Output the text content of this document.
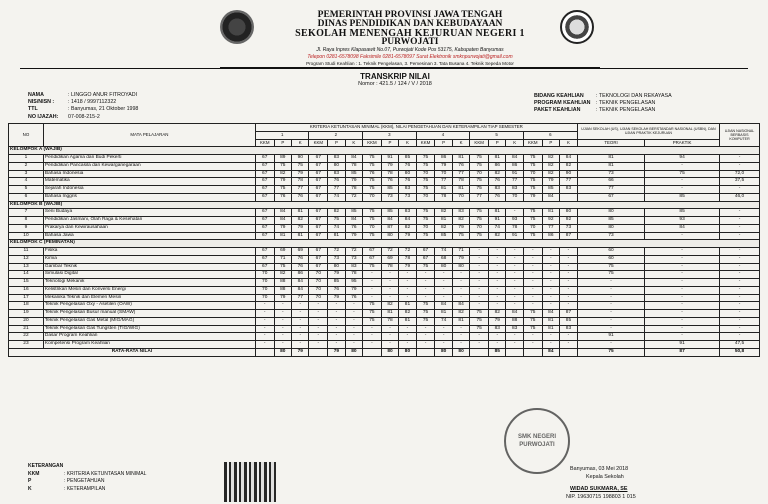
PEMERINTAH PROVINSI JAWA TENGAH
DINAS PENDIDIKAN DAN KEBUDAYAAN
SEKOLAH MENENGAH KEJURUAN NEGERI 1
PURWOJATI
Jl. Raya Inpres Klapasawit No.07, Purwojati Kode Pos 53175, Kabupaten Banyumas
Telepon 0281-6578098 Faksimile 0281-6578097 Surat Elektronik smknpurwojati@gmail.com
Program Studi Keahlian : 1. Teknik Pengelasan, 3. Pemesinan 3. Tata Busana 4. Teknik Sepeda Motor
TRANSKRIP NILAI
Nomor : 421.5 / 124 / V / 2018
NAMA	: LINGGO ANUR FITROYADI
NIS/NISN :	: 1418 / 9997112322
TTL	: Banyumas, 21 Oktober 1998
NO IJAZAH:	07-008-215-2
BIDANG KEAHLIAN	: TEKNOLOGI DAN REKAYASA
PROGRAM KEAHLIAN	: TEKNIK PENGELASAN
PAKET KEAHLIAN	: TEKNIK PENGELASAN
NO	MATA PELAJARAN	KRITERIA KETUNTASAN MINIMAL (KKM), NILAI PENGETAHUAN DAN KETERAMPILAN TIAP SEMESTER																		UJIAN SEKOLAH (US), UJIAN SEKOLAH BERSTANDAR NASIONAL (USBN), DAN UJIAN PRAKTIK KEJURUAN		UJIAN NASIONAL BERBASIS KOMPUTER
		1			2			3			4			5			6					
		KKM	P	K	KKM	P	K	KKM	P	K	KKM	P	K	KKM	P	K	KKM	P	K	TEORI	PRAKTIK	
KELOMPOK A (WAJIB)																						
1	Pendidikan Agama dan Budi Pekerti	67	89	90	67	83	84	75	91	85	75	86	81	75	81	84	75	82	84	81	94	-
2	Pendidikan Pancasila dan Kewarganegaraan	67	75	75	67	80	78	75	79	76	75	79	76	75	86	86	75	82	82	81	-	-
3	Bahasa Indonesia	67	82	79	67	83	85	76	78	80	70	70	77	70	82	91	70	82	90	73	75	72,0
4	Matematika	67	79	78	67	76	79	75	76	76	75	77	78	75	76	77	75	79	77	66	-	37,5
5	Sejarah Indonesia	67	75	77	67	77	78	75	85	83	75	81	81	75	83	83	75	85	83	77	-	-
6	Bahasa Inggris	67	76	76	67	74	72	70	73	73	70	78	70	77	76	70	79	84		67	85	46,0
KELOMPOK B (WAJIB)																						
7	Seni Budaya	67	84	81	67	82	85	75	85	83	75	82	83	75	81	-	75	81	80	80	85	-
8	Pendidikan Jasmani, Olah Raga & Kesehatan	67	84	82	67	75	84	75	84	84	75	81	82	75	91	93	75	92	92	85	93	-
9	Prakarya dan Kewirausahaan	67	79	79	67	74	76	70	87	82	70	82	79	70	74	78	70	77	73	80	84	-
10	Bahasa Jawa	67	81	81	67	81	79	75	80	79	75	85	75	75	82	91	75	86	87	73	-	-
KELOMPOK C (PEMINATAN)																						
11	Fisika	67	69	69	67	72	72	67	72	72	67	74	71	-	-	-	-	-	-	60	-	-
12	Kimia	67	71	76	67	73	73	67	69	78	67	68	79	-	-	-	-	-	-	60	-	-
13	Gambar Teknik	67	75	76	67	80	83	75	78	79	75	80	80	-	-	-	-	-	-	75	-	-
14	Simulasi Digital	70	82	86	70	79	78	-	-	-	-	-	-	-	-	-	-	-	-	75	-	-
15	Teknologi Mekanik	70	88	84	70	85	95	-	-	-	-	-	-	-	-	-	-	-	-	-	-	-
16	Kelistrikan Mesin dan Konversi Energi	70	88	84	70	76	79	-	-	-	-	-	-	-	-	-	-	-	-	-	-	-
17	Mekanika Teknik dan Elemen Mesin	70	79	77	70	79	76	-	-	-	-	-	-	-	-	-	-	-	-	-	-	-
18	Teknik Pengelasan Oxy - Asetilen (OAW)	-	-	-	-	-	-	75	82	81	75	84	84	-	-	-	-	-	-	-	-	-
19	Teknik Pengelasan Busur manual (SMAW)	-	-	-	-	-	-	75	81	82	75	81	82	75	82	84	75	84	87	-	-	-
20	Teknik Pengelasan Gas Metal (MIG/MAG)	-	-	-	-	-	-	75	78	81	75	74	81	75	79	88	75	81	85	-	-	-
21	Teknik Pengelasan Gas Tungsten (TIG/WIG)	-	-	-	-	-	-	-	-	-	-	-	-	75	83	83	75	81	83	-	-	-
22	Dasar Program Keahlian	-	-	-	-	-	-	-	-	-	-	-	-	-	-	-	-	-	-	91	-	-
23	Kompetensi Program Keahlian	-	-	-	-	-	-	-	-	-	-	-	-	-	-	-	-	-	-	-	91	47,5
RATA-RATA NILAI			80	79		79	80		80	80		80	80		85			84		75	87	50,8
KETERANGAN
KKM	: KRITERIA KETUNTASAN MINIMAL
P	: PENGETAHUAN
K	: KETERAMPILAN
SMK NEGERI
PURWOJATI
Banyumas, 03 Mei 2018
Kepala Sekolah
WIDAD SUKMARA, SE
NIP. 19630715 198803 1 015
